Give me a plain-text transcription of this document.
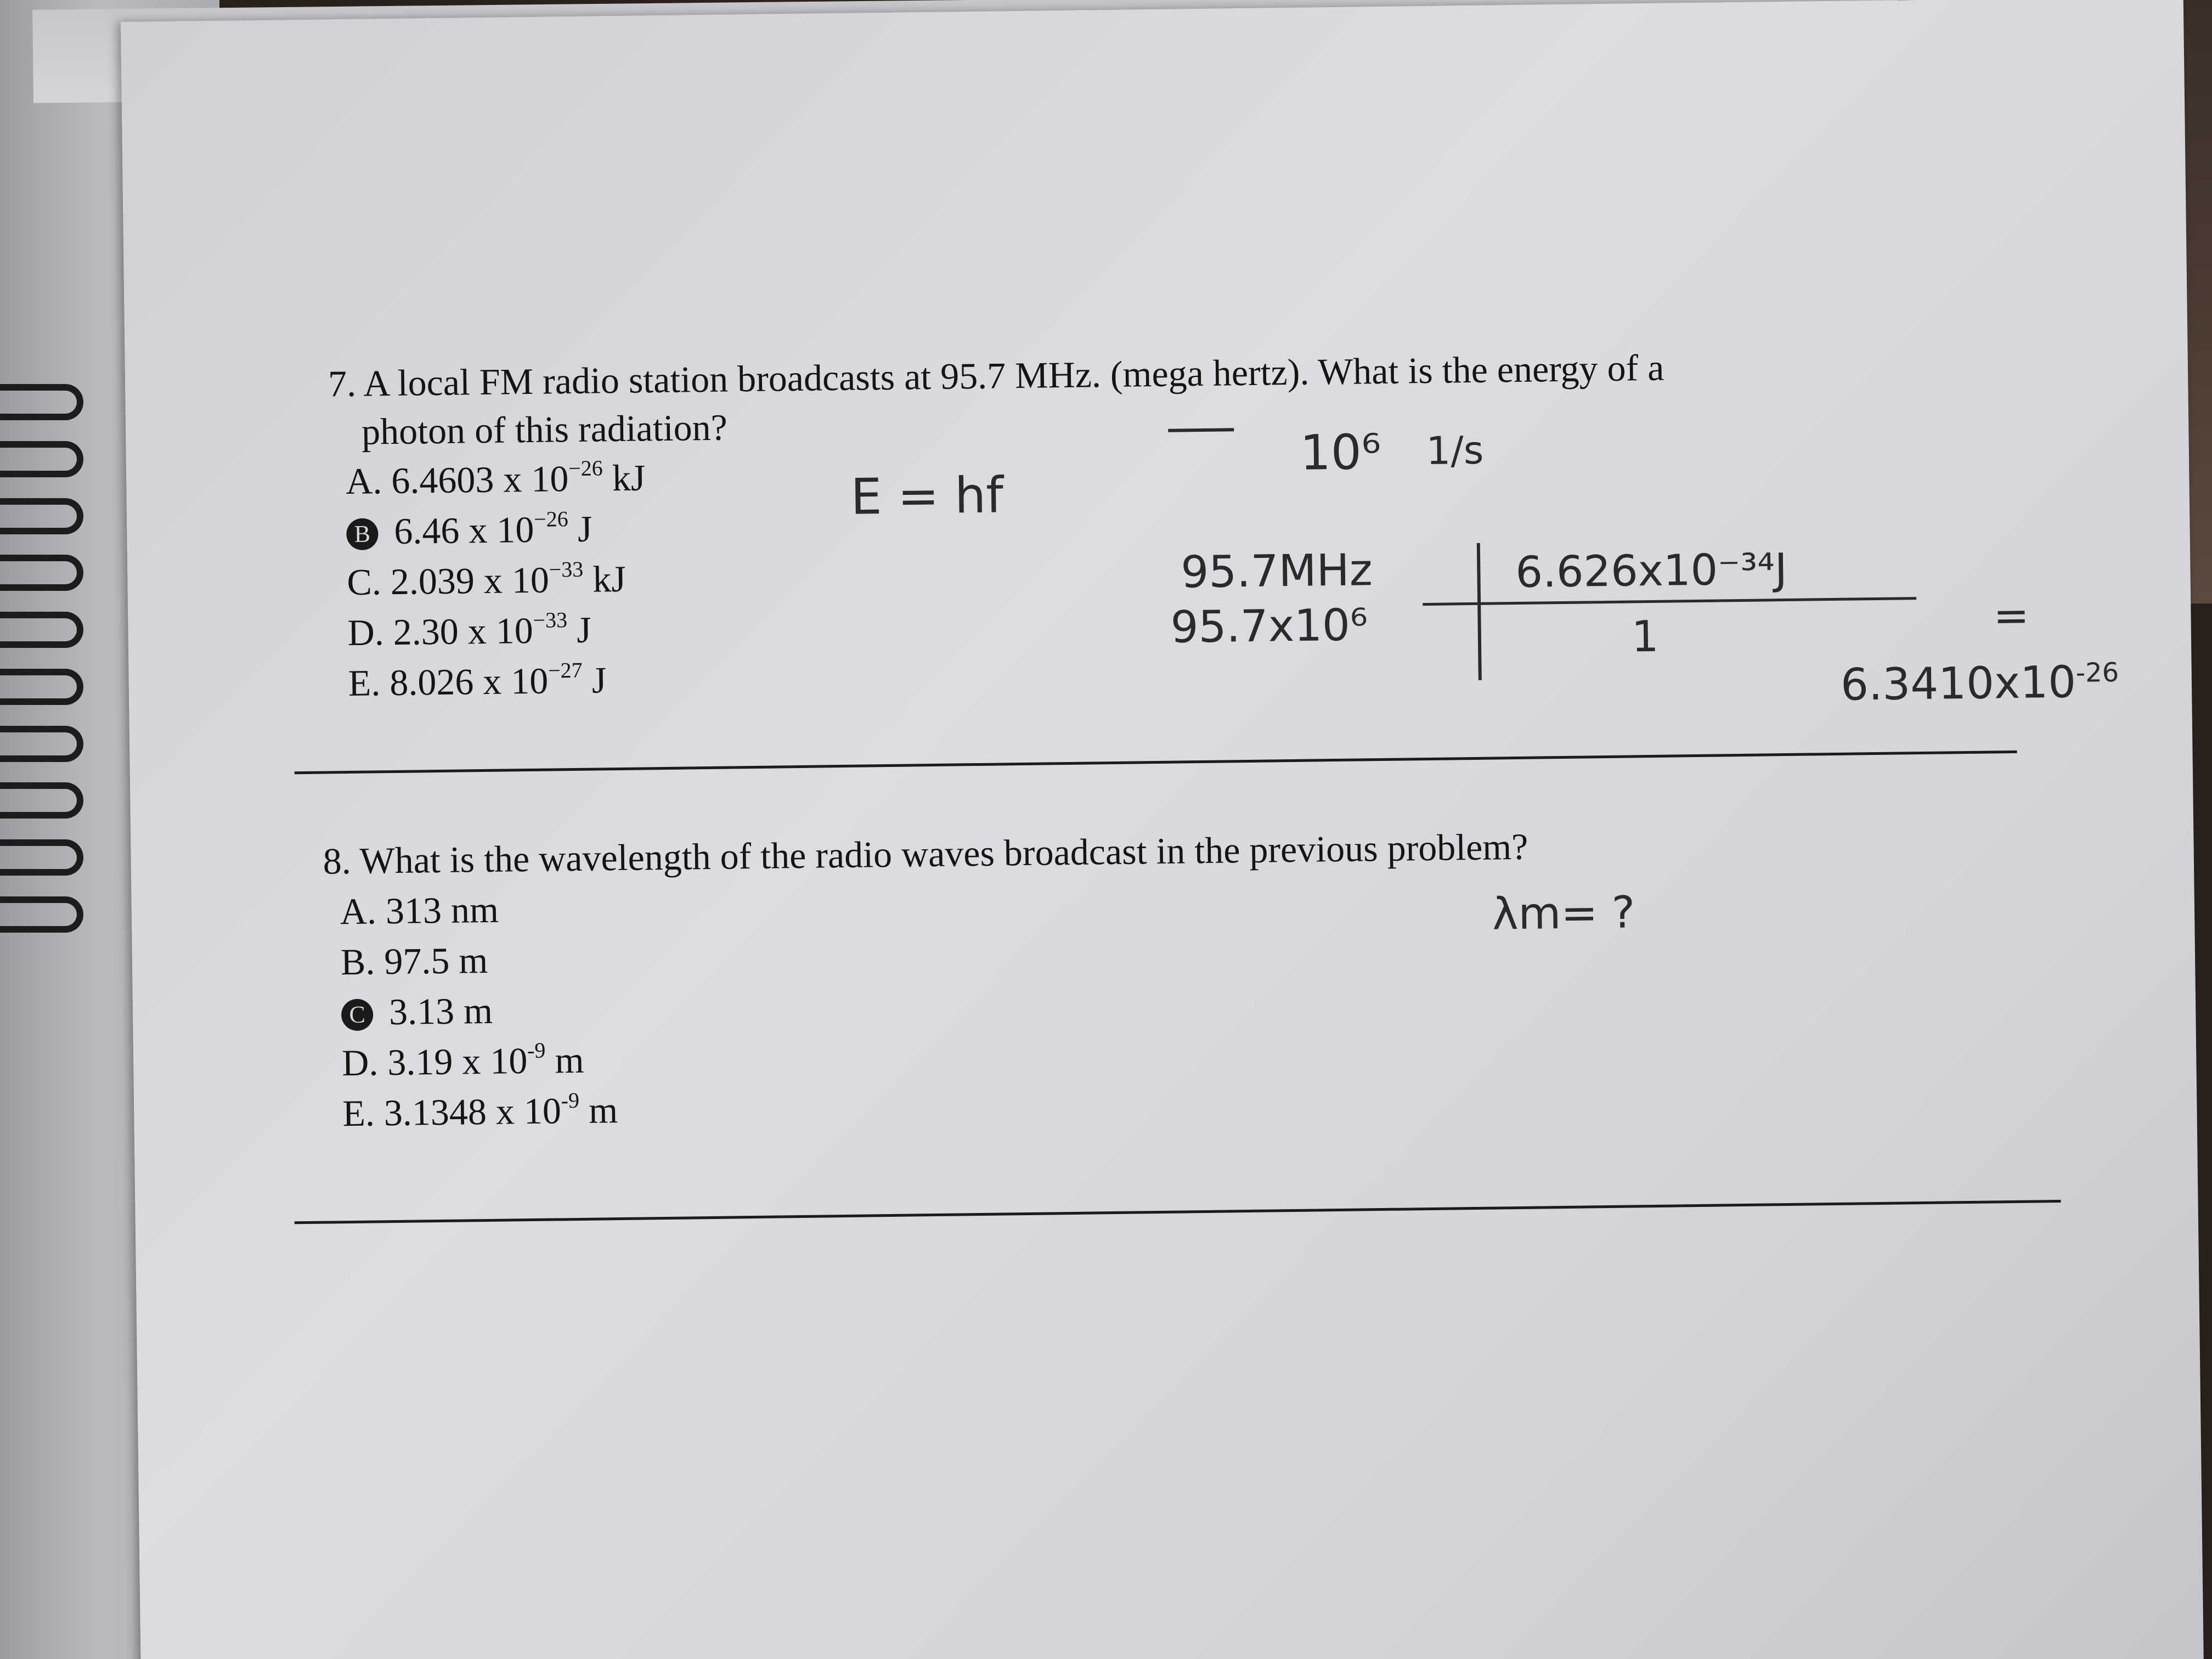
7. A local FM radio station broadcasts at 95.7 MHz. (mega hertz). What is the energy of a
photon of this radiation?
A. 6.4603 x $10^{-26}$ kJ
B 6.46 x $10^{-26}$ J
C. 2.039 x $10^{-33}$ kJ
D. 2.30 x $10^{-33}$ J
E. 8.026 x $10^{-27}$ J
E = hf
10⁶ 1/s
95.7MHz
95.7x10⁶
6.626x10⁻³⁴J
1	=
$6.3410x10^{-26}$
8. What is the wavelength of the radio waves broadcast in the previous problem?
A. 313 nm
B. 97.5 m
C 3.13 m
D. 3.19 x $10^{-9}$ m
E. 3.1348 x $10^{-9}$ m
λm= ?
